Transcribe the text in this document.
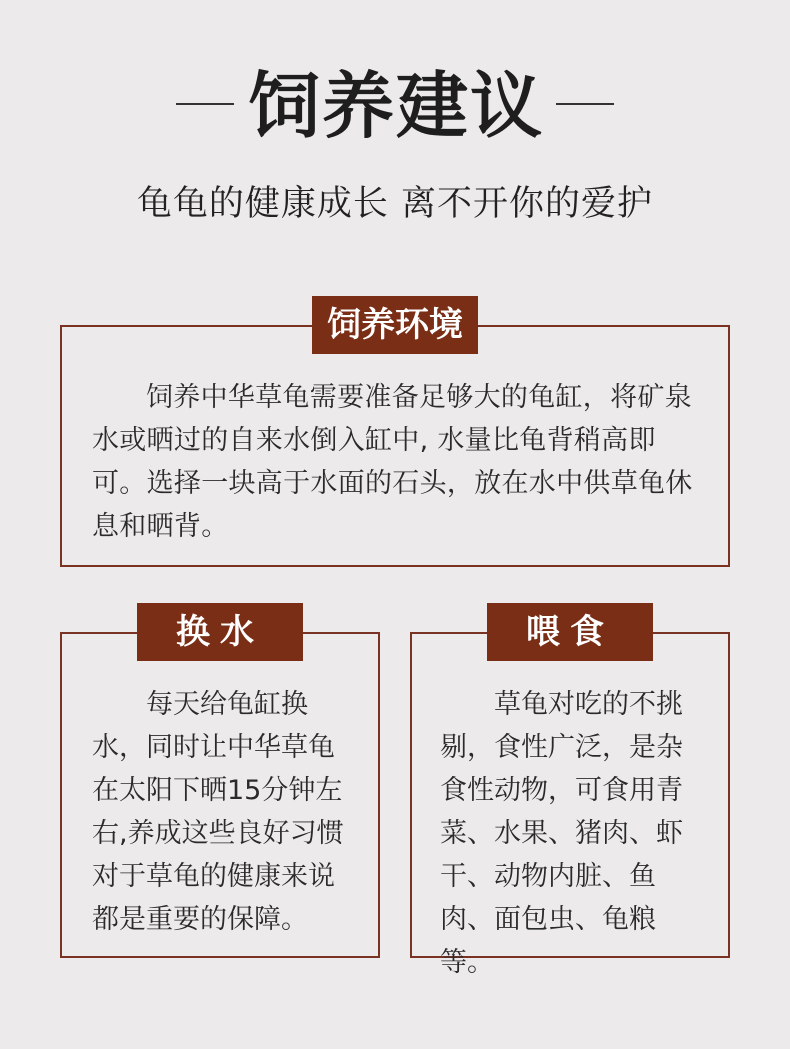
饲养建议
龟龟的健康成长 离不开你的爱护
饲养环境

饲养中华草龟需要准备足够大的龟缸，将矿泉水或晒过的自来水倒入缸中, 水量比龟背稍高即可。选择一块高于水面的石头，放在水中供草龟休息和晒背。

换水

每天给龟缸换水，同时让中华草龟在太阳下晒15分钟左右,养成这些良好习惯对于草龟的健康来说都是重要的保障。

喂食

草龟对吃的不挑剔，食性广泛，是杂食性动物，可食用青菜、水果、猪肉、虾干、动物内脏、鱼肉、面包虫、龟粮等。
